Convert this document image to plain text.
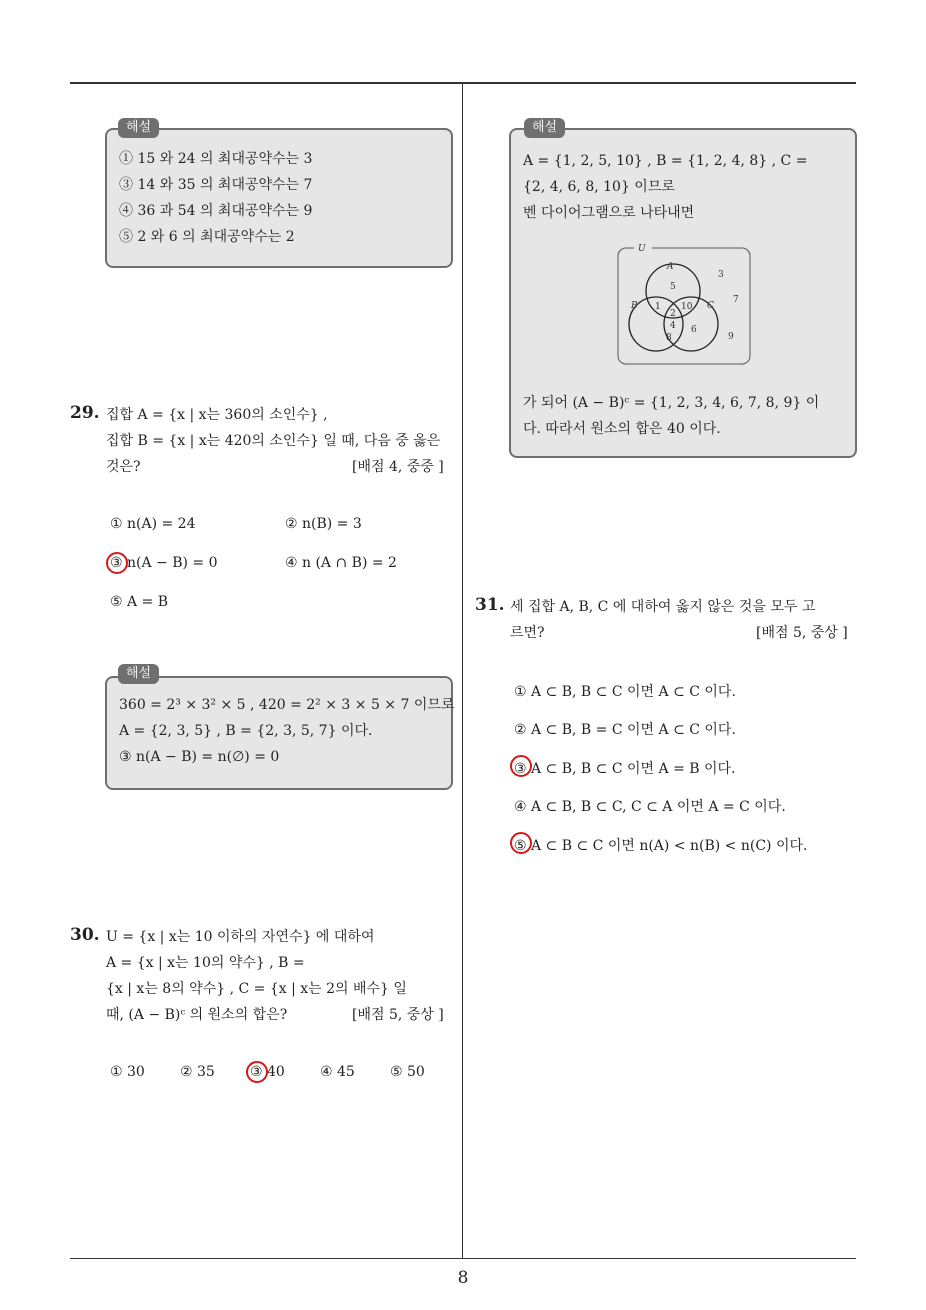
8
① 15 와 24 의 최대공약수는 3
③ 14 와 35 의 최대공약수는 7
④ 36 과 54 의 최대공약수는 9
⑤ 2 와 6 의 최대공약수는 2
해설
29. 집합 A = {x | x는 360의 소인수} ,
집합 B = {x | x는 420의 소인수} 일 때, 다음 중 옳은
것은?	[배점 4, 중중 ]
① n(A) = 24	② n(B) = 3
③ n(A − B) = 0	④ n (A ∩ B) = 2
⑤ A = B
360 = 2³ × 3² × 5 , 420 = 2² × 3 × 5 × 7 이므로
A = {2, 3, 5} , B = {2, 3, 5, 7} 이다.
③ n(A − B) = n(∅) = 0
해설
30. U = {x | x는 10 이하의 자연수} 에 대하여
A = {x | x는 10의 약수} , B =
{x | x는 8의 약수} , C = {x | x는 2의 배수} 일
때, (A − B)ᶜ 의 원소의 합은?	[배점 5, 중상 ]
① 30	② 35	③ 40	④ 45	⑤ 50
A = {1, 2, 5, 10} , B = {1, 2, 4, 8} , C =
{2, 4, 6, 8, 10} 이므로
벤 다이어그램으로 나타내면
U
A
B	C
5
1 10
2
4
8
6
3
7
9
가 되어 (A − B)ᶜ = {1, 2, 3, 4, 6, 7, 8, 9} 이
다. 따라서 원소의 합은 40 이다.
해설
31. 세 집합 A, B, C 에 대하여 옳지 않은 것을 모두 고
르면?	[배점 5, 중상 ]
① A ⊂ B, B ⊂ C 이면 A ⊂ C 이다.
② A ⊂ B, B = C 이면 A ⊂ C 이다.
③ A ⊂ B, B ⊂ C 이면 A = B 이다.
④ A ⊂ B, B ⊂ C, C ⊂ A 이면 A = C 이다.
⑤ A ⊂ B ⊂ C 이면 n(A) < n(B) < n(C) 이다.
